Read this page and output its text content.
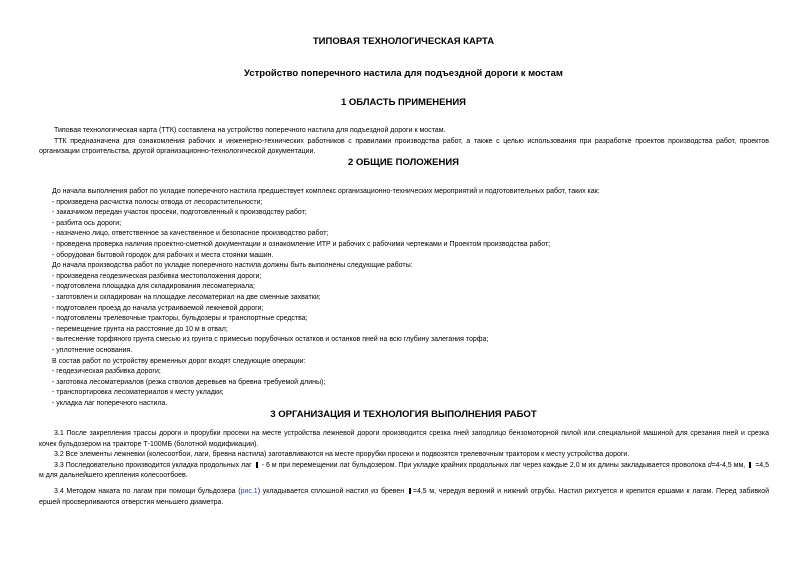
ТИПОВАЯ ТЕХНОЛОГИЧЕСКАЯ КАРТА
Устройство поперечного настила для подъездной дороги к мостам
1 ОБЛАСТЬ ПРИМЕНЕНИЯ
Типовая технологическая карта (ТТК) составлена на устройство поперечного настила для подъездной дороги к мостам.
ТТК предназначена для ознакомления рабочих и инженерно-технических работников с правилами производства работ, а также с целью использования при разработке проектов производства работ, проектов организации строительства, другой организационно-технологической документации.
2 ОБЩИЕ ПОЛОЖЕНИЯ
До начала выполнения работ по укладке поперечного настила предшествует комплекс организационно-технических мероприятий и подготовительных работ, таких как:
- произведена расчистка полосы отвода от лесорастительности;
- заказчиком передан участок просеки, подготовленный к производству работ;
- разбита ось дороги;
- назначено лицо, ответственное за качественное и безопасное производство работ;
- проведена проверка наличия проектно-сметной документации и ознакомление ИТР и рабочих с рабочими чертежами и Проектом производства работ;
- оборудован бытовой городок для рабочих и места стоянки машин.
До начала производства работ по укладке поперечного настила должны быть выполнены следующие работы:
- произведена геодезическая разбивка местоположения дороги;
- подготовлена площадка для складирования лесоматериала;
- заготовлен и складирован на площадке лесоматериал на две сменные захватки;
- подготовлен проезд до начала устраиваемой лежневой дороги;
- подготовлены трелевочные тракторы, бульдозеры и транспортные средства;
- перемещение грунта на расстояние до 10 м в отвал;
- вытеснение торфяного грунта смесью из грунта с примесью порубочных остатков и останков пней на всю глубину залегания торфа;
- уплотнение основания.
В состав работ по устройству временных дорог входят следующие операции:
- геодезическая разбивка дороги;
- заготовка лесоматериалов (резка стволов деревьев на бревна требуемой длины);
- транспортировка лесоматериалов к месту укладки;
- укладка лаг поперечного настила.
3 ОРГАНИЗАЦИЯ И ТЕХНОЛОГИЯ ВЫПОЛНЕНИЯ РАБОТ
3.1 После закрепления трассы дороги и прорубки просеки на месте устройства лежневой дороги производится срезка пней заподлицо бензомоторной пилой или специальной машиной для срезания пней и срезка кочек бульдозером на тракторе Т-100МБ (болотной модификации).
3.2 Все элементы лежневки (колесоотбои, лаги, бревна настила) заготавливаются на месте прорубки просеки и подвозятся трелевочным трактором к месту устройства дороги.
3.3 Последовательно производится укладка продольных лаг - 6 м при перемещении лаг бульдозером. При укладке крайних продольных лаг через каждые 2,0 м их длины закладывается проволока d=4-4,5 мм, =4,5 м для дальнейшего крепления колесоотбоев.
3.4 Методом наката по лагам при помощи бульдозера (рис.1) укладывается сплошной настил из бревен =4,5 м, чередуя верхний и нижний отрубы. Настил рихтуется и крепится ершами к лагам. Перед забивкой ершей просверливаются отверстия меньшего диаметра.
